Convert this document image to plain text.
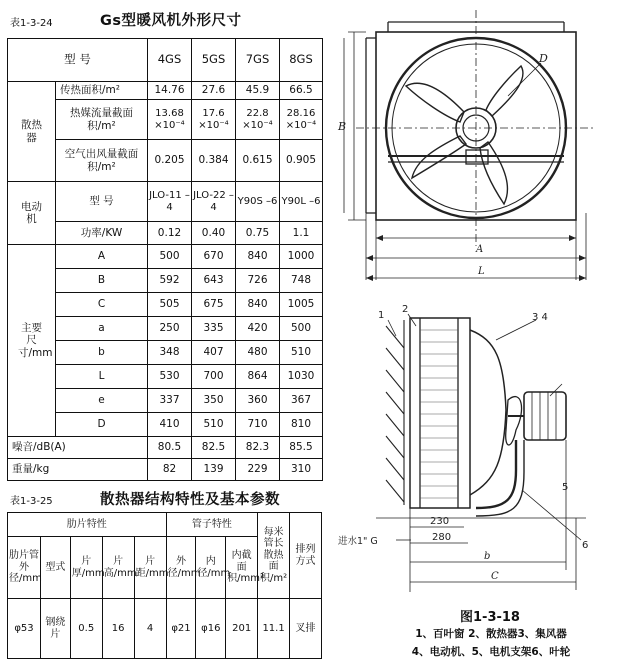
表1-3-24	Gs型暖风机外形尺寸
型 号		4GS	5GS	7GS	8GS
散热器	传热面积/m²	14.76	27.6	45.9	66.5
	热媒流量截面积/m²	13.68 ×10⁻⁴	17.6 ×10⁻⁴	22.8 ×10⁻⁴	28.16 ×10⁻⁴
	空气出风量截面积/m²	0.205	0.384	0.615	0.905
电动机	型 号	JLO-11 –4	JLO-22 –4	Y90S –6	Y90L –6
	功率/KW	0.12	0.40	0.75	1.1
主要尺寸/mm	A	500	670	840	1000
	B	592	643	726	748
	C	505	675	840	1005
	a	250	335	420	500
	b	348	407	480	510
	L	530	700	864	1030
	e	337	350	360	367
	D	410	510	710	810
噪音/dB(A)		80.5	82.5	82.3	85.5
重量/kg		82	139	229	310
表1-3-25	散热器结构特性及基本参数
肋片特性					管子特性			每米管长散热面积/m²	排列方式
肋片管外径/mm	型式	片厚/mm	片高/mm	片距/mm	外径/mm	内径/mm	内截面积/mm²		
φ53	钢绕片	0.5	16	4	φ21	φ16	201	11.1	叉排
D
B
A
L
1
2
3 4
5
6
230
280
进水1" G
b
C
图1-3-18
1、百叶窗 2、散热器3、集风器
4、电动机、5、电机支架6、叶轮
